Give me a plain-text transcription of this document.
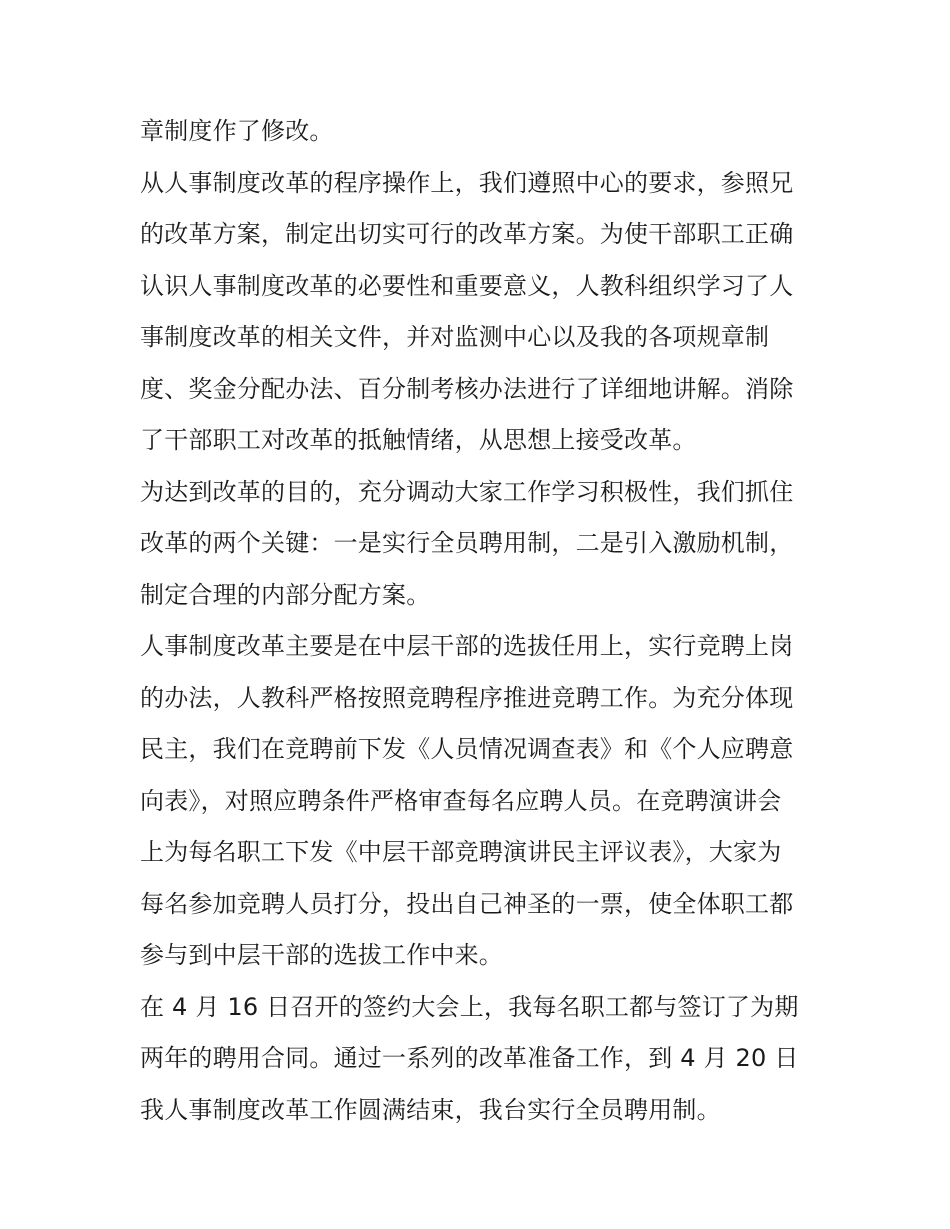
章制度作了修改。
从人事制度改革的程序操作上，我们遵照中心的要求，参照兄
的改革方案，制定出切实可行的改革方案。为使干部职工正确
认识人事制度改革的必要性和重要意义，人教科组织学习了人
事制度改革的相关文件，并对监测中心以及我的各项规章制
度、奖金分配办法、百分制考核办法进行了详细地讲解。消除
了干部职工对改革的抵触情绪，从思想上接受改革。
为达到改革的目的，充分调动大家工作学习积极性，我们抓住
改革的两个关键：一是实行全员聘用制，二是引入激励机制，
制定合理的内部分配方案。
人事制度改革主要是在中层干部的选拔任用上，实行竞聘上岗
的办法，人教科严格按照竞聘程序推进竞聘工作。为充分体现
民主，我们在竞聘前下发《人员情况调查表》和《个人应聘意
向表》，对照应聘条件严格审查每名应聘人员。在竞聘演讲会
上为每名职工下发《中层干部竞聘演讲民主评议表》，大家为
每名参加竞聘人员打分，投出自己神圣的一票，使全体职工都
参与到中层干部的选拔工作中来。
在 4 月 16 日召开的签约大会上，我每名职工都与签订了为期
两年的聘用合同。通过一系列的改革准备工作，到 4 月 20 日
我人事制度改革工作圆满结束，我台实行全员聘用制。
